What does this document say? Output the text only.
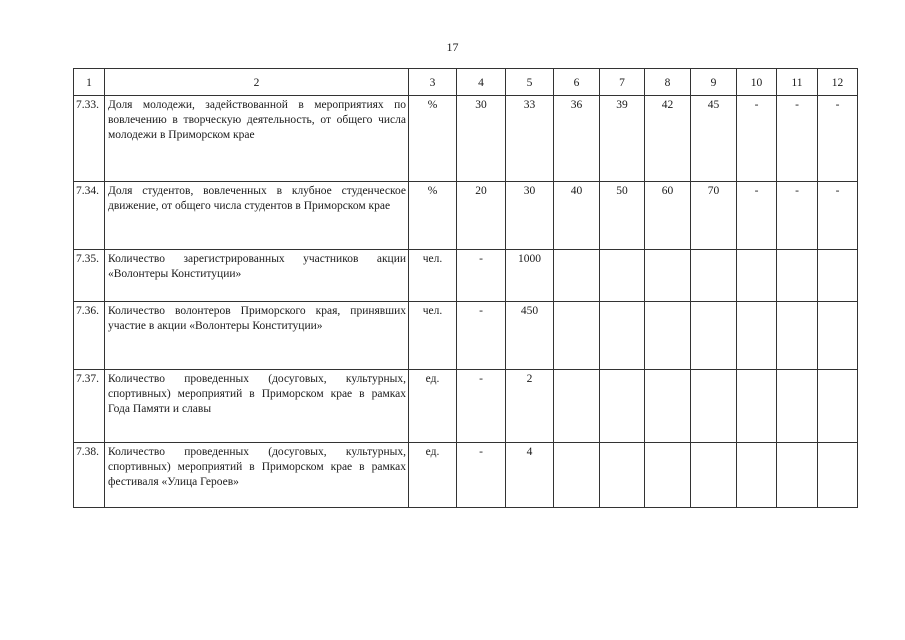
17
1	2	3	4	5	6	7	8	9	10	11	12
7.33.	Доля молодежи, задействованной в мероприятиях по вовлечению в творческую деятельность, от общего числа молодежи в Приморском крае	%	30	33	36	39	42	45	-	-	-
7.34.	Доля студентов, вовлеченных в клубное студенческое движение, от общего числа студентов в Приморском крае	%	20	30	40	50	60	70	-	-	-
7.35.	Количество зарегистрированных участников акции «Волонтеры Конституции»	чел.	-	1000							
7.36.	Количество волонтеров Приморского края, принявших участие в акции «Волонтеры Конституции»	чел.	-	450							
7.37.	Количество проведенных (досуговых, культурных, спортивных) мероприятий в Приморском крае в рамках Года Памяти и славы	ед.	-	2							
7.38.	Количество проведенных (досуговых, культурных, спортивных) мероприятий в Приморском крае в рамках фестиваля «Улица Героев»	ед.	-	4							
